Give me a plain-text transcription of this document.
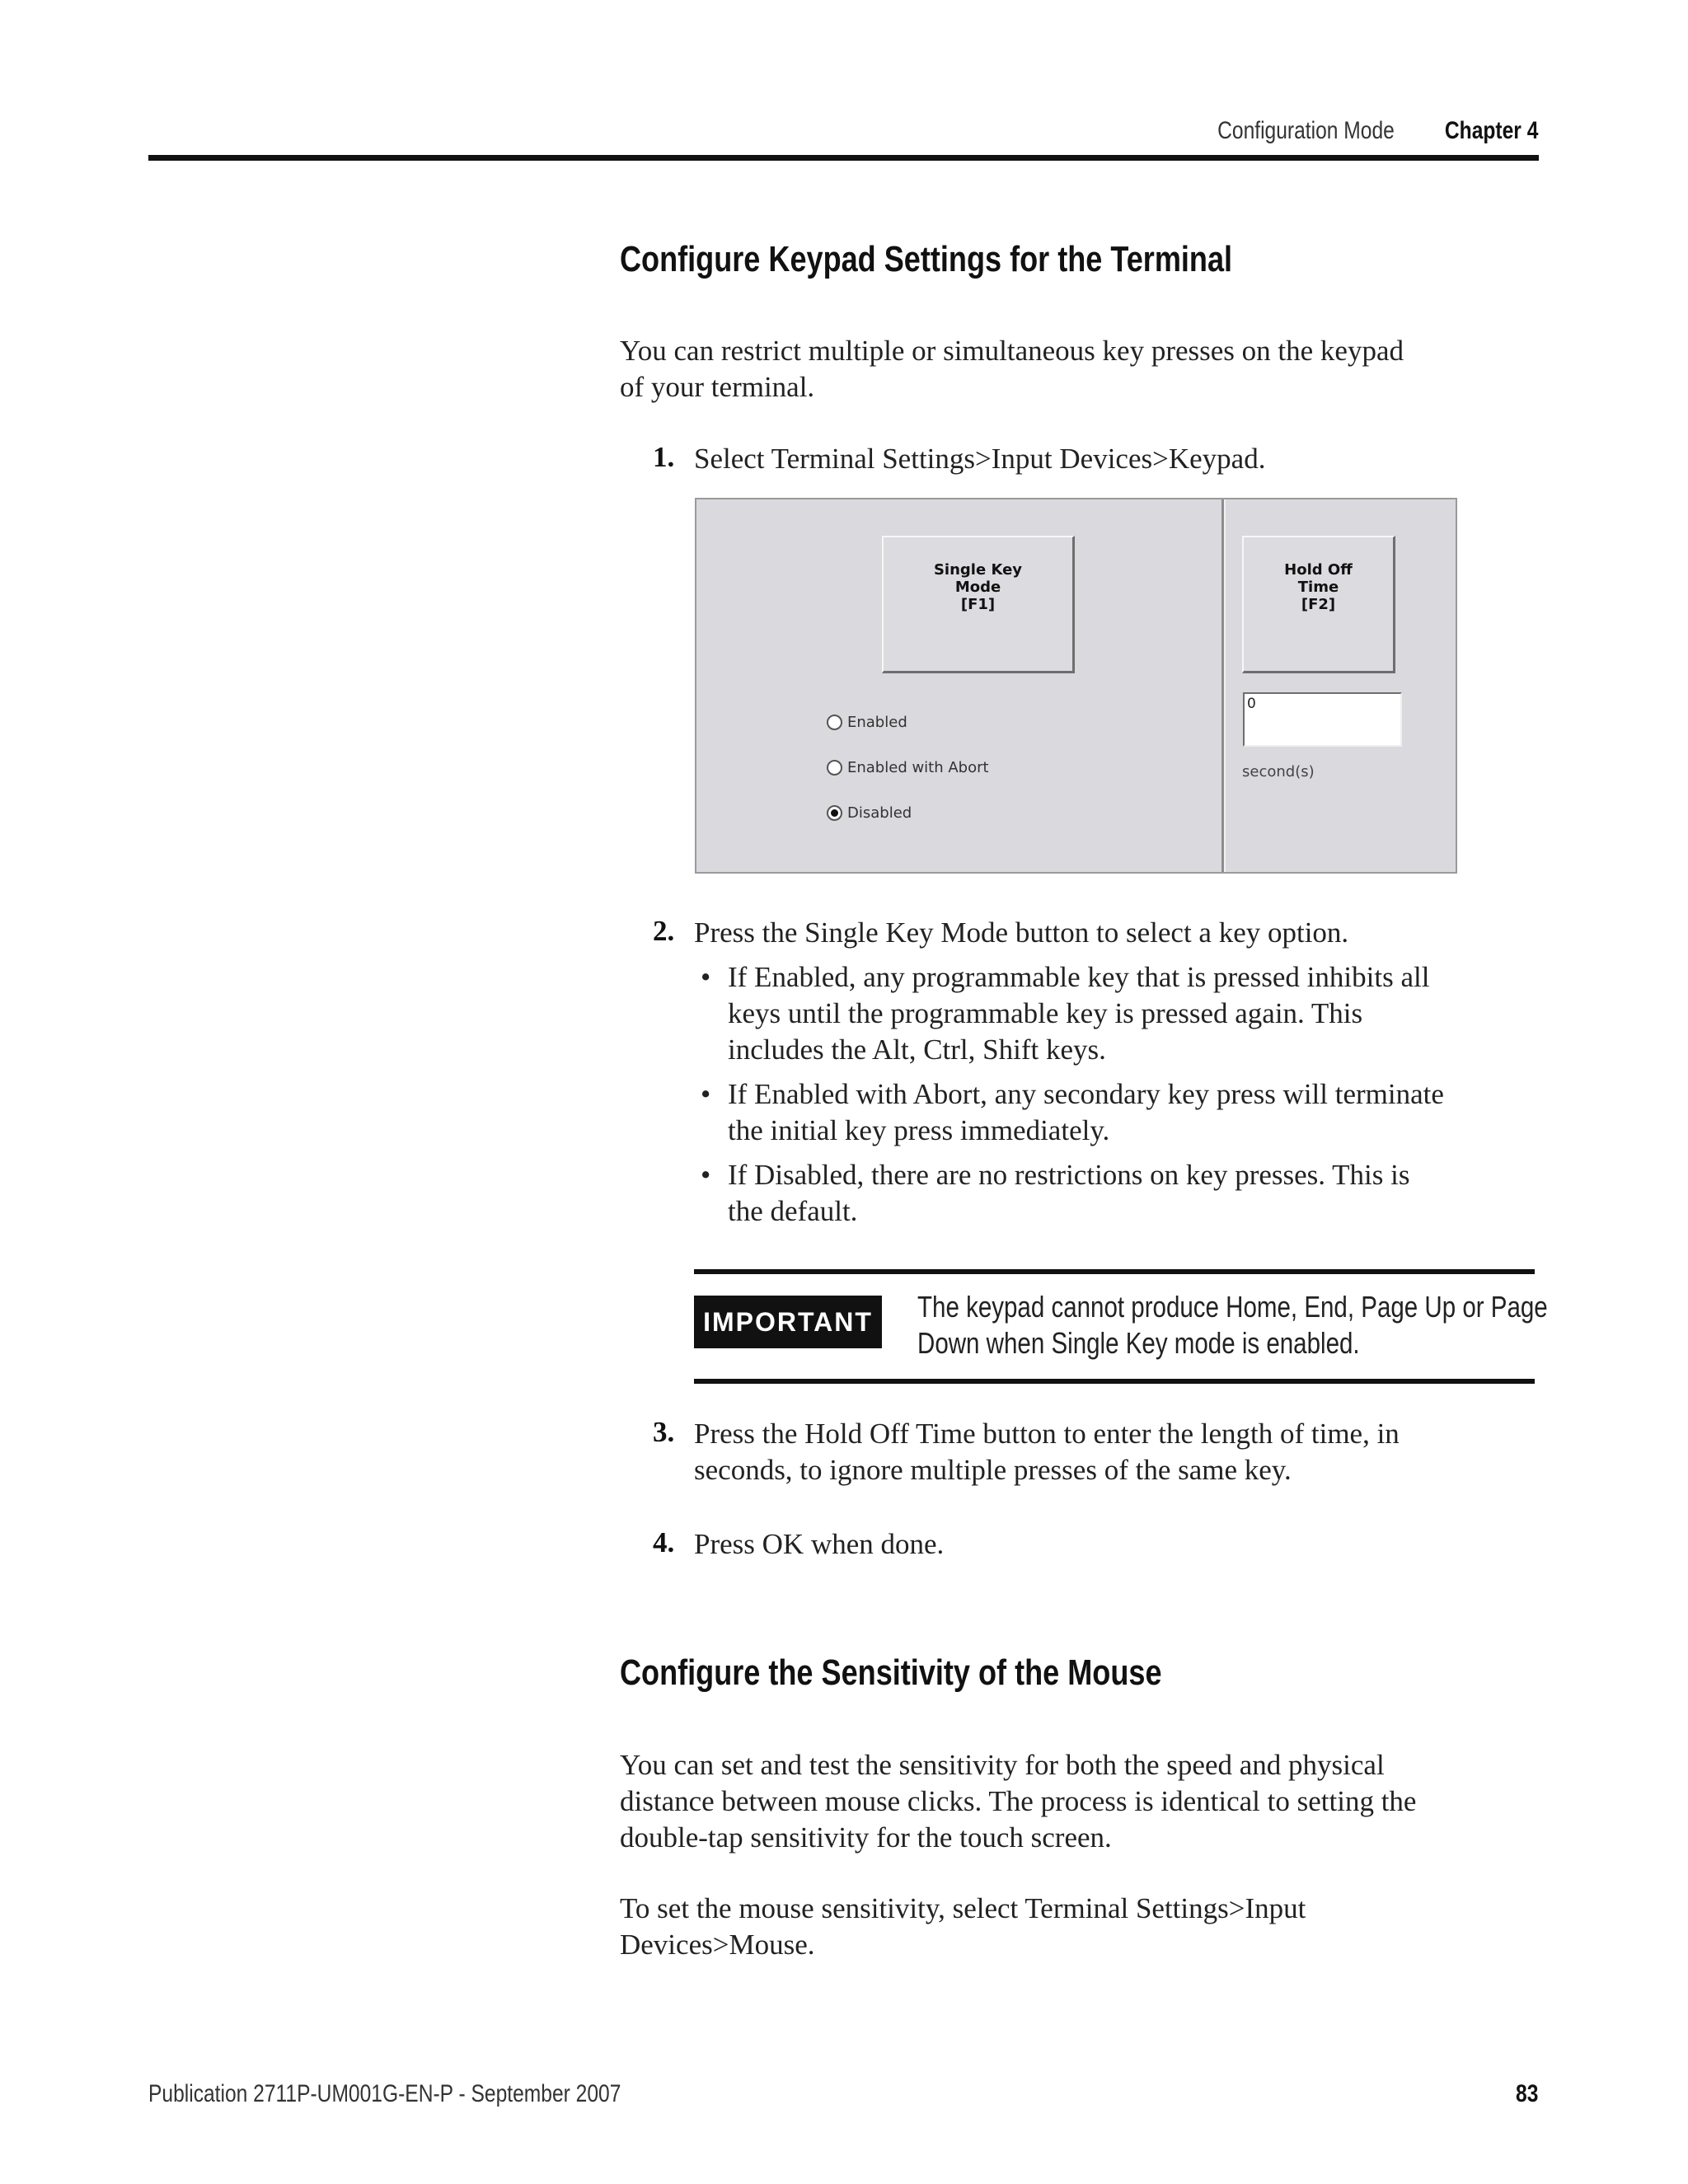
Configuration Mode Chapter 4
Configure Keypad Settings for the Terminal

You can restrict multiple or simultaneous key presses on the keypad

of your terminal.

1. Select Terminal Settings>Input Devices>Keypad.
Single Key
Mode
[F1]
Hold Off
Time
[F2]
Enabled
Enabled with Abort
Disabled
0
second(s)
2. Press the Single Key Mode button to select a key option.
• If Enabled, any programmable key that is pressed inhibits all
keys until the programmable key is pressed again. This
includes the Alt, Ctrl, Shift keys.
• If Enabled with Abort, any secondary key press will terminate
the initial key press immediately.
• If Disabled, there are no restrictions on key presses. This is
the default.
IMPORTANT	The keypad cannot produce Home, End, Page Up or Page
Down when Single Key mode is enabled.
3. Press the Hold Off Time button to enter the length of time, in
seconds, to ignore multiple presses of the same key.
4. Press OK when done.
Configure the Sensitivity of the Mouse

You can set and test the sensitivity for both the speed and physical

distance between mouse clicks. The process is identical to setting the

double-tap sensitivity for the touch screen.

To set the mouse sensitivity, select Terminal Settings>Input

Devices>Mouse.

Publication 2711P-UM001G-EN-P - September 2007	83
